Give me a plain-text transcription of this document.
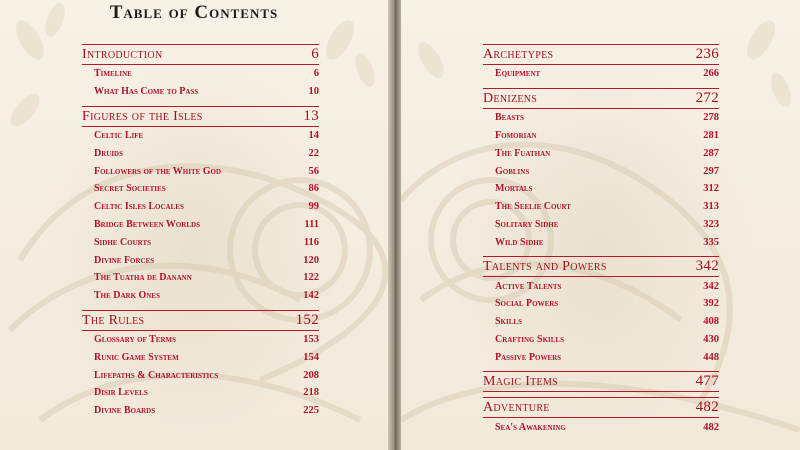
Table of Contents
Introduction	6
Timeline	6
What Has Come to Pass	10
Figures of the Isles	13
Celtic Life	14
Druids	22
Followers of the White God	56
Secret Societies	86
Celtic Isles Locales	99
Bridge Between Worlds	111
Sidhe Courts	116
Divine Forces	120
The Tuatha de Danann	122
The Dark Ones	142
The Rules	152
Glossary of Terms	153
Runic Game System	154
Lifepaths & Characteristics	208
Disir Levels	218
Divine Boards	225
Archetypes	236
Equipment	266
Denizens	272
Beasts	278
Fomorian	281
The Fuathan	287
Goblins	297
Mortals	312
The Seelie Court	313
Solitary Sidhe	323
Wild Sidhe	335
Talents and Powers	342
Active Talents	342
Social Powers	392
Skills	408
Crafting Skills	430
Passive Powers	448
Magic Items	477
Adventure	482
Sea's Awakening	482
